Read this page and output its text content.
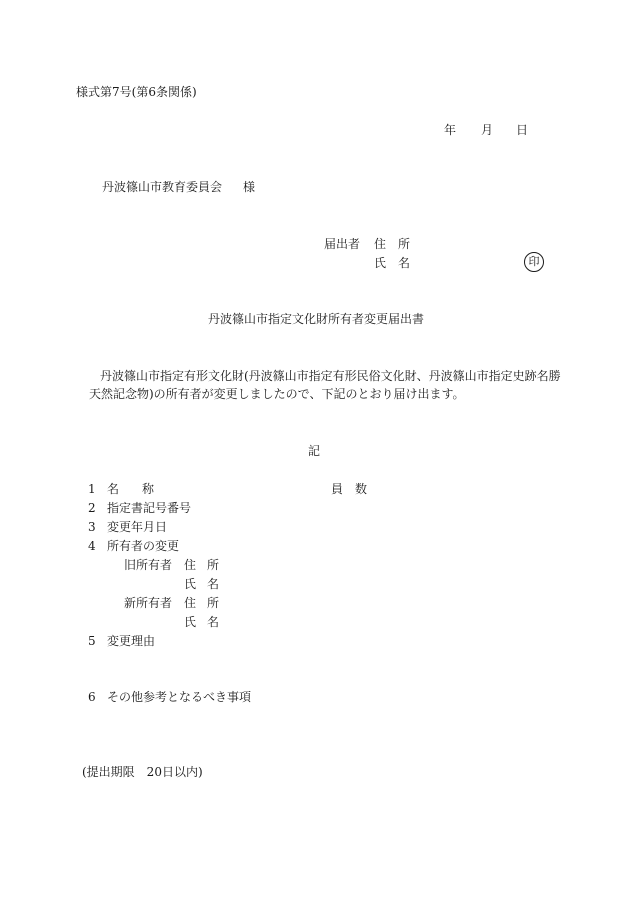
様式第7号(第6条関係)
年 月 日
丹波篠山市教育委員会 様
届出者 住 所
氏 名	印
丹波篠山市指定文化財所有者変更届出書
丹波篠山市指定有形文化財(丹波篠山市指定有形民俗文化財、丹波篠山市指定史跡名勝
天然記念物)の所有者が変更しましたので、下記のとおり届け出ます。
記
1 名 称	員 数
2 指定書記号番号
3 変更年月日
4 所有者の変更
旧所有者 住 所
氏 名
新所有者 住 所
氏 名
5 変更理由
6 その他参考となるべき事項
(提出期限　20日以内)
